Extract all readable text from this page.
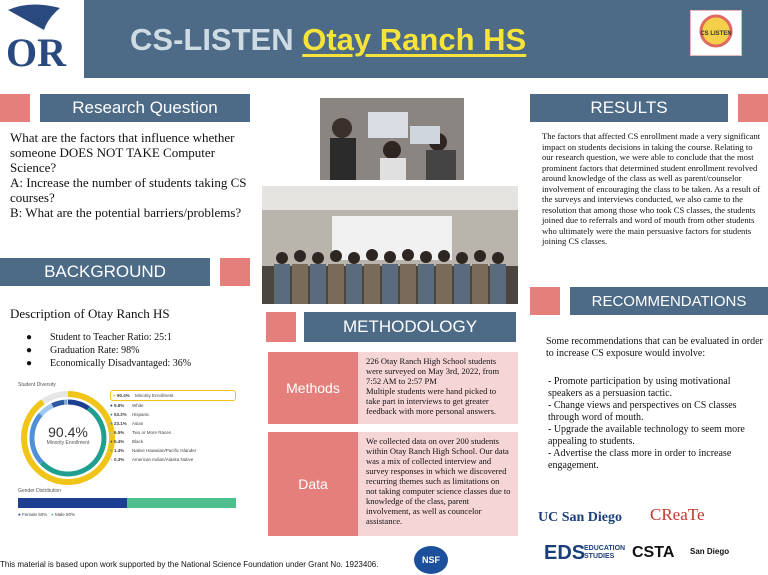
OR CS-LISTEN Otay Ranch HS	CS LISTEN
Research Question
What are the factors that influence whether someone DOES NOT TAKE Computer Science?
A: Increase the number of students taking CS courses?
B: What are the potential barriers/problems?
BACKGROUND
Description of Otay Ranch HS
● Student to Teacher Ratio: 25:1
● Graduation Rate: 98%
● Economically Disadvantaged: 36%
Student Diversity
90.4%
Minority Enrollment
● 90.4% Minority Enrollment
● 9.6% White
● 53.2% Hispanic
● 23.1% Asian
● 6.5% Two or More Races
● 5.4% Black
● 1.4% Native Hawaiian/Pacific Islander
● 0.3% American Indian/Alaska Native
Gender Distribution
● Female 50% ● Male 50%
METHODOLOGY
226 Otay Ranch High School students were surveyed on May 3rd, 2022, from 7:52 AM to 2:57 PM
Multiple students were hand picked to take part in interviews to get greater feedback with more personal answers.
Methods
We collected data on over 200 students within Otay Ranch High School. Our data was a mix of collected interview and survey responses in which we discovered recurring themes such as limitations on not taking computer science classes due to knowledge of the class, parent involvement, as well as councelor assistance.
Data
RESULTS
The factors that affected CS enrollment made a very significant impact on students decisions in taking the course. Relating to our research question, we were able to conclude that the most prominent factors that determined student enrollment revolved around knowledge of the class as well as parent/counselor involvement of encouraging the class to be taken. As a result of the surveys and interviews conducted, we also came to the resolution that among those who took CS classes, the students joined due to referrals and word of mouth from other students who ultimately were the main persuasive factors for students joining CS classes.
RECOMMENDATIONS
Some recommendations that can be evaluated in order to increase CS exposure would involve:
- Promote participation by using motivational speakers as a persuasion tactic.
- Change views and perspectives on CS classes through word of mouth.
- Upgrade the available technology to seem more appealing to students.
- Advertise the class more in order to increase engagement.
UC San Diego CReaTe
EDS
EDUCATION STUDIES	CSTA San Diego
NSF
This material is based upon work supported by the National Science Foundation under Grant No. 1923406.
